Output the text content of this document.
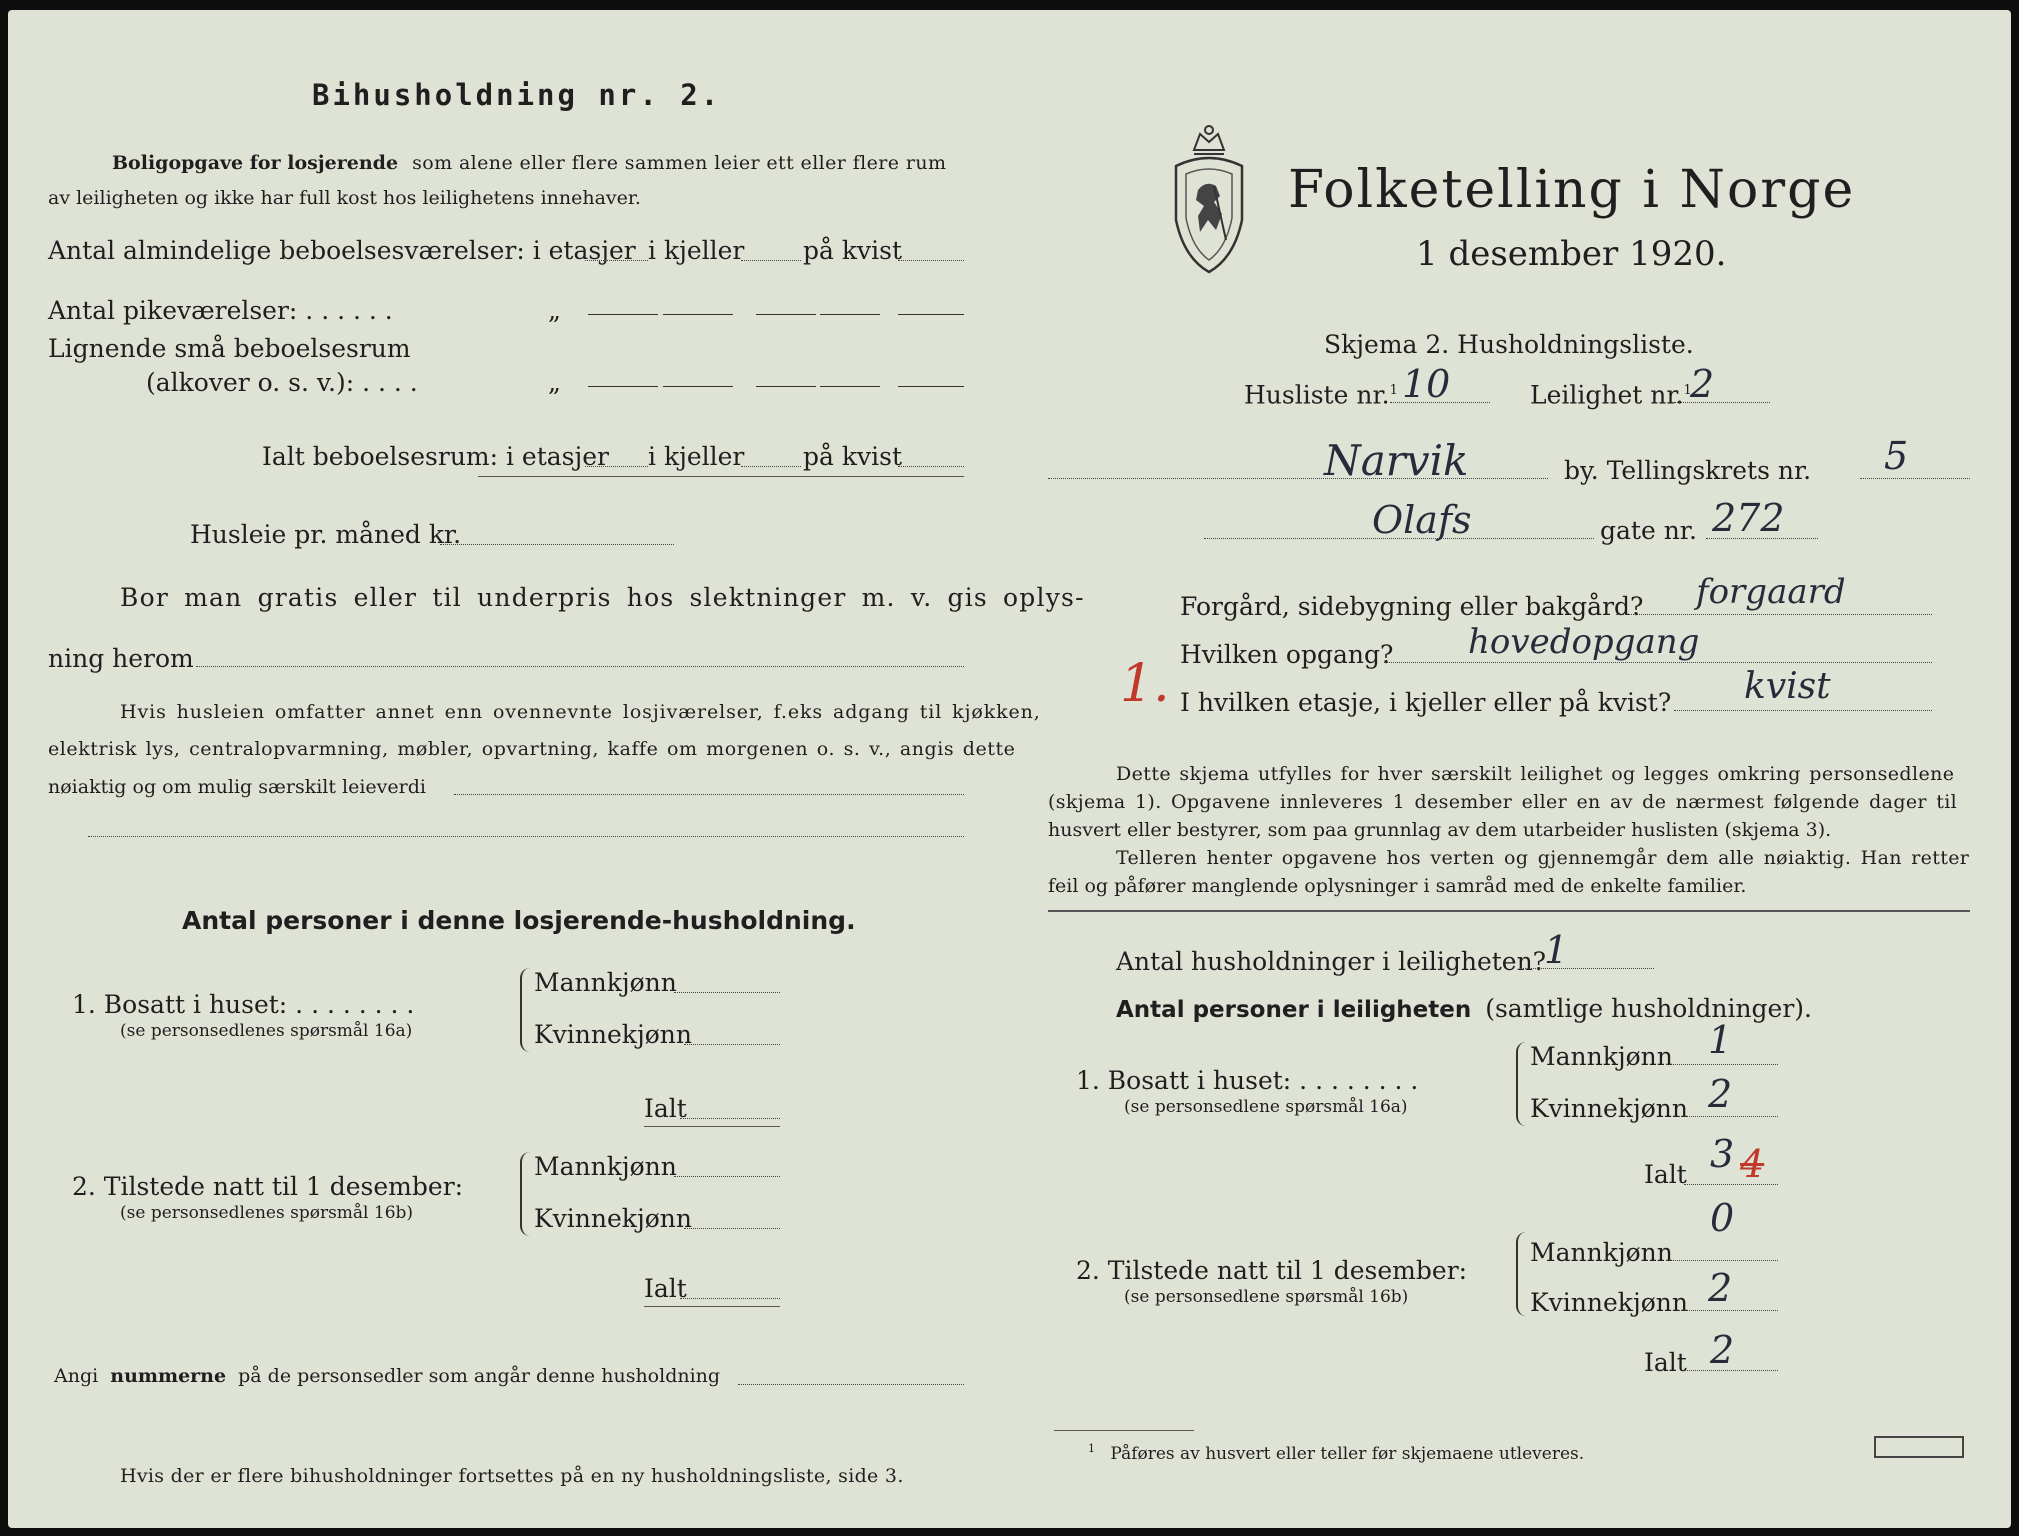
Bihusholdning nr. 2.
Boligopgave for losjerende som alene eller flere sammen leier ett eller flere rum
av leiligheten og ikke har full kost hos leilighetens innehaver.
Antal almindelige beboelsesværelser: i etasjer i kjeller på kvist
Antal pikeværelser: . . . . . .	„
Lignende små beboelsesrum
(alkover o. s. v.): . . . .	„
Ialt beboelsesrum: i etasjer i kjeller på kvist
Husleie pr. måned kr.
Bor man gratis eller til underpris hos slektninger m. v. gis oplys-
ning herom
Hvis husleien omfatter annet enn ovennevnte losjiværelser, f.eks adgang til kjøkken,
elektrisk lys, centralopvarmning, møbler, opvartning, kaffe om morgenen o. s. v., angis dette
nøiaktig og om mulig særskilt leieverdi
Antal personer i denne losjerende-husholdning.
1. Bosatt i huset: . . . . . . . .
(se personsedlenes spørsmål 16a)
Mannkjønn
Kvinnekjønn
Ialt
2. Tilstede natt til 1 desember:
(se personsedlenes spørsmål 16b)
Mannkjønn
Kvinnekjønn
Ialt
Angi nummerne på de personsedler som angår denne husholdning
Hvis der er flere bihusholdninger fortsettes på en ny husholdningsliste, side 3.
Folketelling i Norge
1 desember 1920.
Skjema 2. Husholdningsliste.
Husliste nr.$^1$ 10	Leilighet nr.$^1$
2
Narvik	by. Tellingskrets nr. 5
Olafs	gate nr. 272
Forgård, sidebygning eller bakgård? forgaard
Hvilken opgang? hovedopgang
1. I hvilken etasje, i kjeller eller på kvist? kvist
Dette skjema utfylles for hver særskilt leilighet og legges omkring personsedlene
(skjema 1). Opgavene innleveres 1 desember eller en av de nærmest følgende dager til
husvert eller bestyrer, som paa grunnlag av dem utarbeider huslisten (skjema 3).
Telleren henter opgavene hos verten og gjennemgår dem alle nøiaktig. Han retter
feil og påfører manglende oplysninger i samråd med de enkelte familier.
Antal husholdninger i leiligheten?
1
Antal personer i leiligheten (samtlige husholdninger).
1. Bosatt i huset: . . . . . . . .
(se personsedlene spørsmål 16a)
Mannkjønn 1
Kvinnekjønn 2
Ialt 3 4
2. Tilstede natt til 1 desember:
(se personsedlene spørsmål 16b)
Mannkjønn
0
Kvinnekjønn 2
Ialt 2
$^1$ Påføres av husvert eller teller før skjemaene utleveres.
